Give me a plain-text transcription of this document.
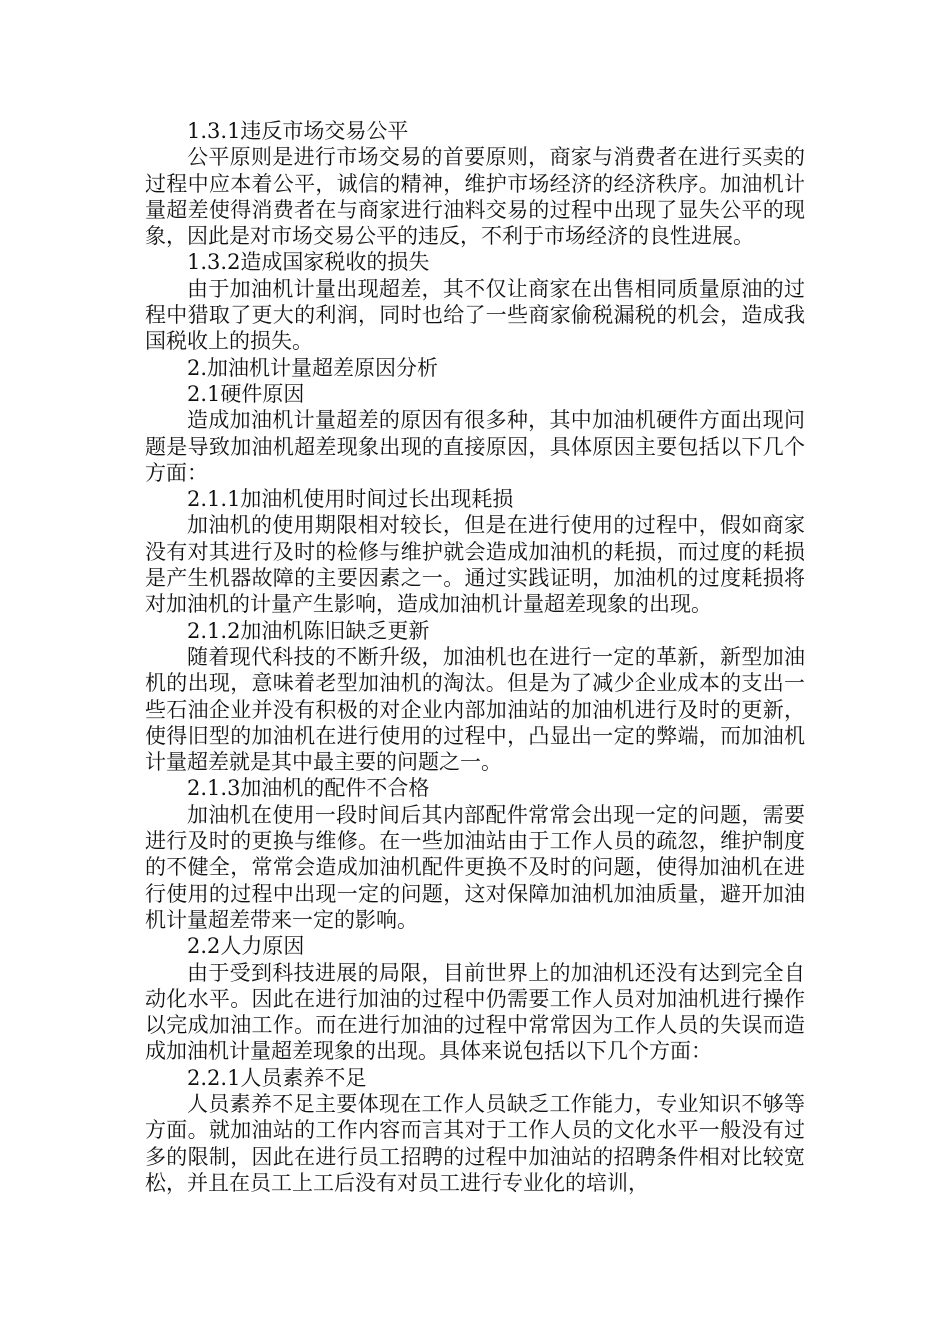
1.3.1违反市场交易公平

公平原则是进行市场交易的首要原则，商家与消费者在进行买卖的过程中应本着公平，诚信的精神，维护市场经济的经济秩序。加油机计量超差使得消费者在与商家进行油料交易的过程中出现了显失公平的现象，因此是对市场交易公平的违反，不利于市场经济的良性进展。

1.3.2造成国家税收的损失

由于加油机计量出现超差，其不仅让商家在出售相同质量原油的过程中猎取了更大的利润，同时也给了一些商家偷税漏税的机会，造成我国税收上的损失。

2.加油机计量超差原因分析

2.1硬件原因

造成加油机计量超差的原因有很多种，其中加油机硬件方面出现问题是导致加油机超差现象出现的直接原因，具体原因主要包括以下几个方面：

2.1.1加油机使用时间过长出现耗损

加油机的使用期限相对较长，但是在进行使用的过程中，假如商家没有对其进行及时的检修与维护就会造成加油机的耗损，而过度的耗损是产生机器故障的主要因素之一。通过实践证明，加油机的过度耗损将对加油机的计量产生影响，造成加油机计量超差现象的出现。

2.1.2加油机陈旧缺乏更新

随着现代科技的不断升级，加油机也在进行一定的革新，新型加油机的出现，意味着老型加油机的淘汰。但是为了减少企业成本的支出一些石油企业并没有积极的对企业内部加油站的加油机进行及时的更新，使得旧型的加油机在进行使用的过程中，凸显出一定的弊端，而加油机计量超差就是其中最主要的问题之一。

2.1.3加油机的配件不合格

加油机在使用一段时间后其内部配件常常会出现一定的问题，需要进行及时的更换与维修。在一些加油站由于工作人员的疏忽，维护制度的不健全，常常会造成加油机配件更换不及时的问题，使得加油机在进行使用的过程中出现一定的问题，这对保障加油机加油质量，避开加油机计量超差带来一定的影响。

2.2人力原因

由于受到科技进展的局限，目前世界上的加油机还没有达到完全自动化水平。因此在进行加油的过程中仍需要工作人员对加油机进行操作以完成加油工作。而在进行加油的过程中常常因为工作人员的失误而造成加油机计量超差现象的出现。具体来说包括以下几个方面：

2.2.1人员素养不足

人员素养不足主要体现在工作人员缺乏工作能力，专业知识不够等方面。就加油站的工作内容而言其对于工作人员的文化水平一般没有过多的限制，因此在进行员工招聘的过程中加油站的招聘条件相对比较宽松，并且在员工上工后没有对员工进行专业化的培训，
